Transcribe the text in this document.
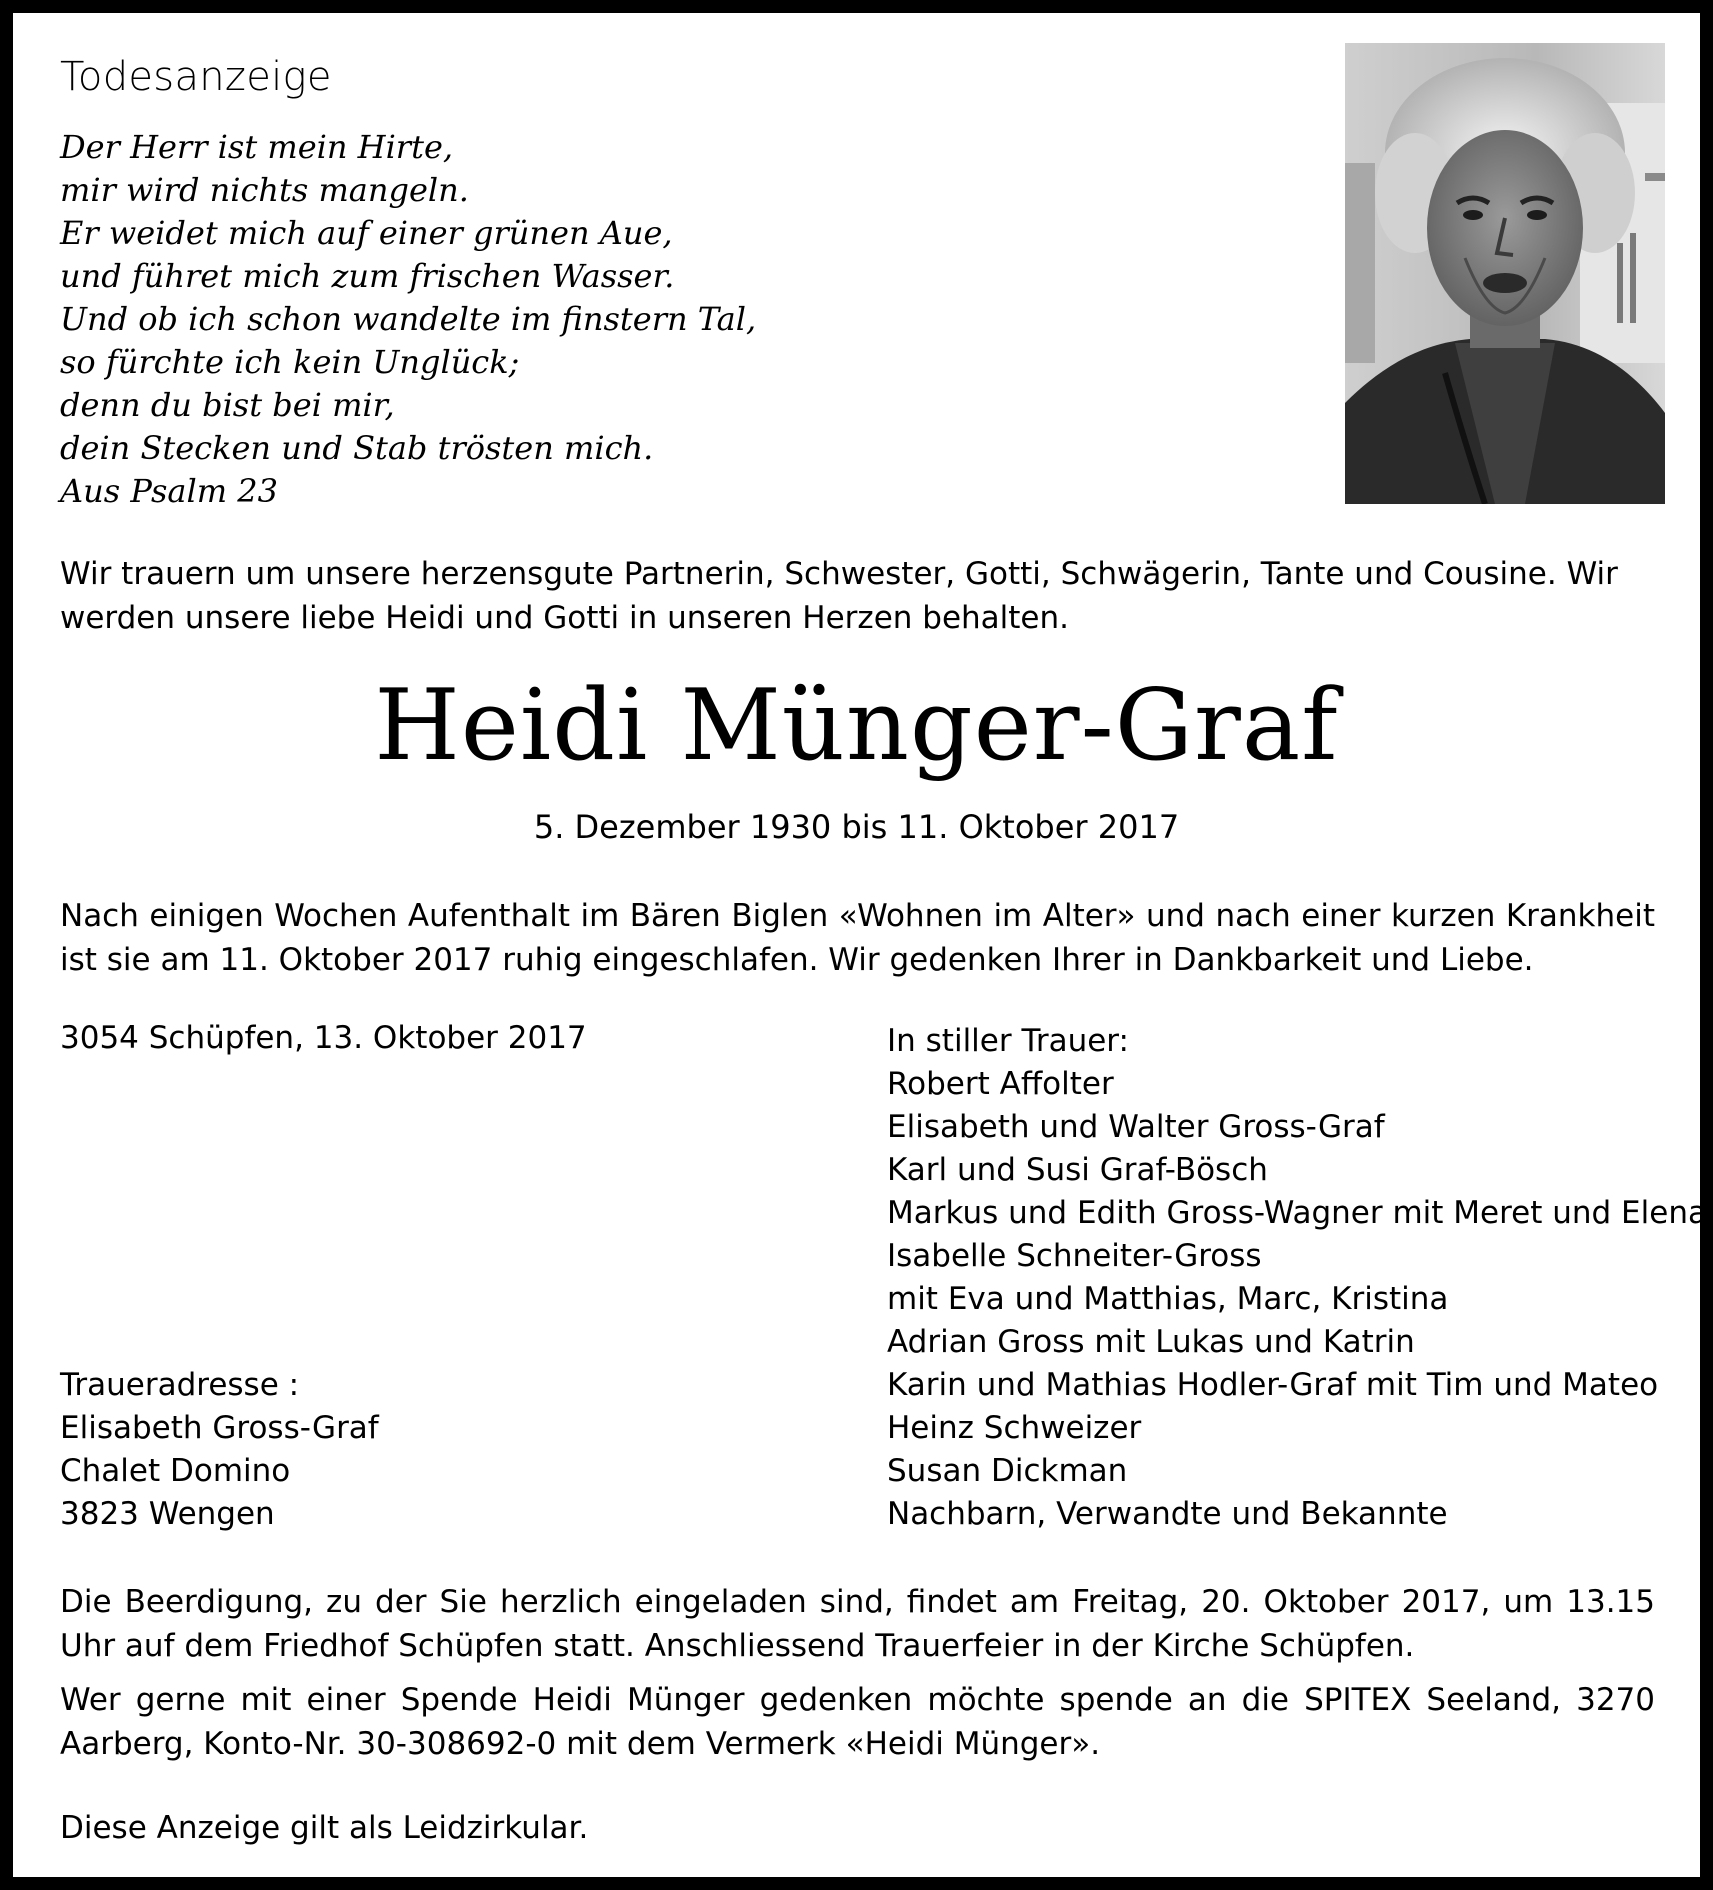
Todesanzeige
Der Herr ist mein Hirte,
mir wird nichts mangeln.
Er weidet mich auf einer grünen Aue,
und führet mich zum frischen Wasser.
Und ob ich schon wandelte im finstern Tal,
so fürchte ich kein Unglück;
denn du bist bei mir,
dein Stecken und Stab trösten mich.
Aus Psalm 23
Wir trauern um unsere herzensgute Partnerin, Schwester, Gotti, Schwägerin, Tante und Cousine. Wir werden unsere liebe Heidi und Gotti in unseren Herzen behalten.
Heidi Münger-Graf
5. Dezember 1930 bis 11. Oktober 2017
Nach einigen Wochen Aufenthalt im Bären Biglen «Wohnen im Alter» und nach einer kurzen Krankheit ist sie am 11. Oktober 2017 ruhig eingeschlafen. Wir gedenken Ihrer in Dankbarkeit und Liebe.
3054 Schüpfen, 13. Oktober 2017	In stiller Trauer:
Robert Affolter
Elisabeth und Walter Gross-Graf
Karl und Susi Graf-Bösch
Markus und Edith Gross-Wagner mit Meret und Elena
Isabelle Schneiter-Gross
mit Eva und Matthias, Marc, Kristina
Adrian Gross mit Lukas und Katrin
Karin und Mathias Hodler-Graf mit Tim und Mateo
Heinz Schweizer
Susan Dickman
Nachbarn, Verwandte und Bekannte
Traueradresse :
Elisabeth Gross-Graf
Chalet Domino
3823 Wengen
Die Beerdigung, zu der Sie herzlich eingeladen sind, findet am Freitag, 20. Oktober 2017, um 13.15 Uhr auf dem Friedhof Schüpfen statt. Anschliessend Trauerfeier in der Kirche Schüpfen.
Wer gerne mit einer Spende Heidi Münger gedenken möchte spende an die SPITEX Seeland, 3270 Aarberg, Konto-Nr. 30-308692-0 mit dem Vermerk «Heidi Münger».
Diese Anzeige gilt als Leidzirkular.
